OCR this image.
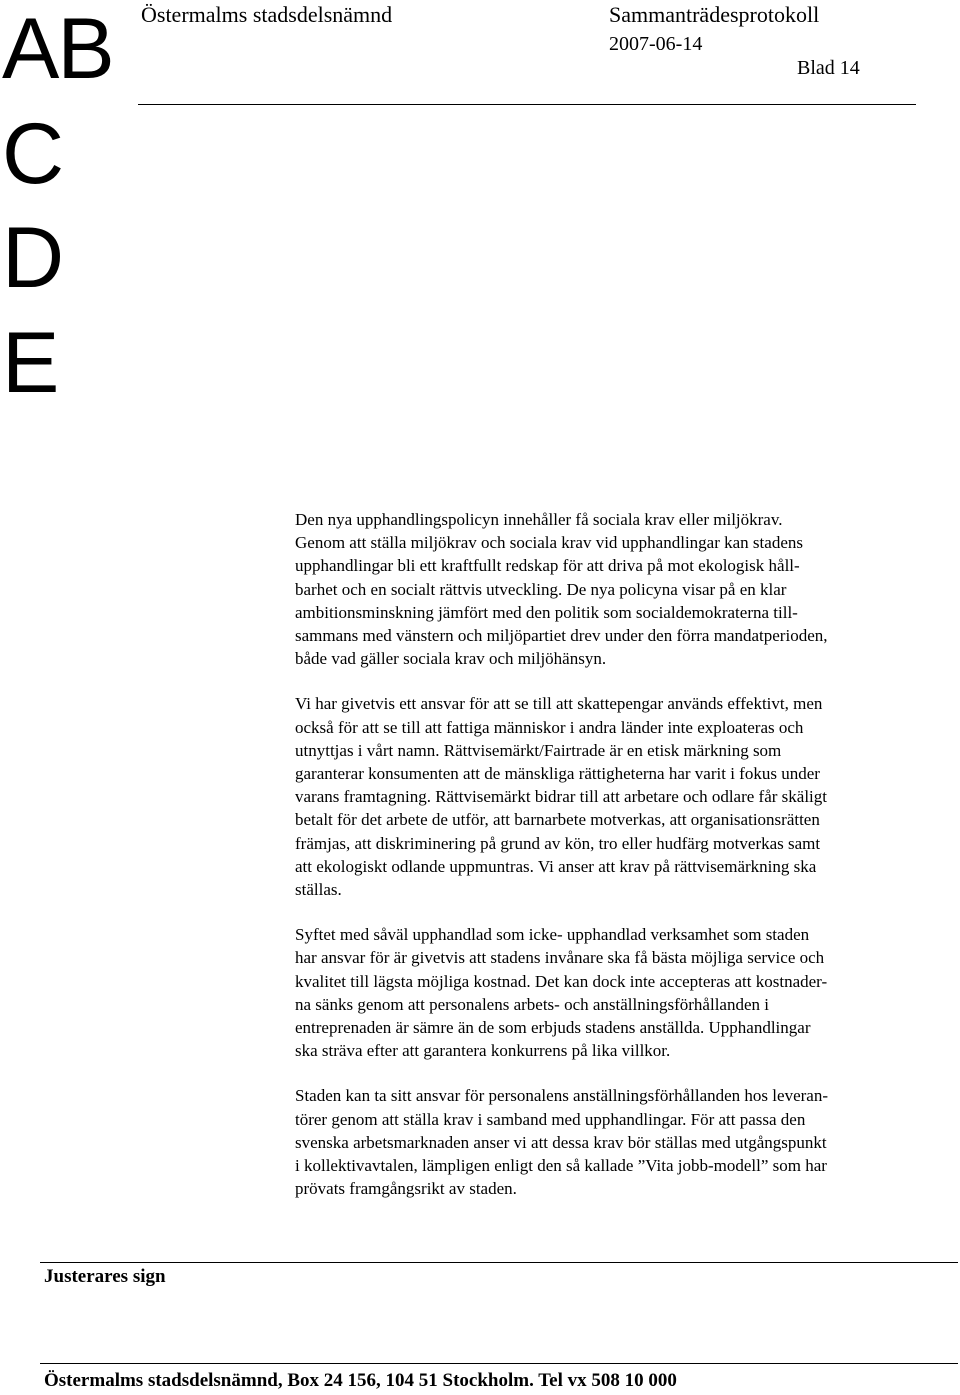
AB
C
D
E
Östermalms stadsdelsnämnd	Sammanträdesprotokoll
2007-06-14
Blad 14

Den nya upphandlingspolicyn innehåller få sociala krav eller miljökrav.
Genom att ställa miljökrav och sociala krav vid upphandlingar kan stadens
upphandlingar bli ett kraftfullt redskap för att driva på mot ekologisk håll-
barhet och en socialt rättvis utveckling. De nya policyna visar på en klar
ambitionsminskning jämfört med den politik som socialdemokraterna till-
sammans med vänstern och miljöpartiet drev under den förra mandatperioden,
både vad gäller sociala krav och miljöhänsyn.

Vi har givetvis ett ansvar för att se till att skattepengar används effektivt, men
också för att se till att fattiga människor i andra länder inte exploateras och
utnyttjas i vårt namn. Rättvisemärkt/Fairtrade är en etisk märkning som
garanterar konsumenten att de mänskliga rättigheterna har varit i fokus under
varans framtagning. Rättvisemärkt bidrar till att arbetare och odlare får skäligt
betalt för det arbete de utför, att barnarbete motverkas, att organisationsrätten
främjas, att diskriminering på grund av kön, tro eller hudfärg motverkas samt
att ekologiskt odlande uppmuntras. Vi anser att krav på rättvisemärkning ska
ställas.

Syftet med såväl upphandlad som icke- upphandlad verksamhet som staden
har ansvar för är givetvis att stadens invånare ska få bästa möjliga service och
kvalitet till lägsta möjliga kostnad. Det kan dock inte accepteras att kostnader-
na sänks genom att personalens arbets- och anställningsförhållanden i
entreprenaden är sämre än de som erbjuds stadens anställda. Upphandlingar
ska sträva efter att garantera konkurrens på lika villkor.

Staden kan ta sitt ansvar för personalens anställningsförhållanden hos leveran-
törer genom att ställa krav i samband med upphandlingar. För att passa den
svenska arbetsmarknaden anser vi att dessa krav bör ställas med utgångspunkt
i kollektivavtalen, lämpligen enligt den så kallade ”Vita jobb-modell” som har
prövats framgångsrikt av staden.

Justerares sign
Östermalms stadsdelsnämnd, Box 24 156, 104 51 Stockholm. Tel vx 508 10 000
